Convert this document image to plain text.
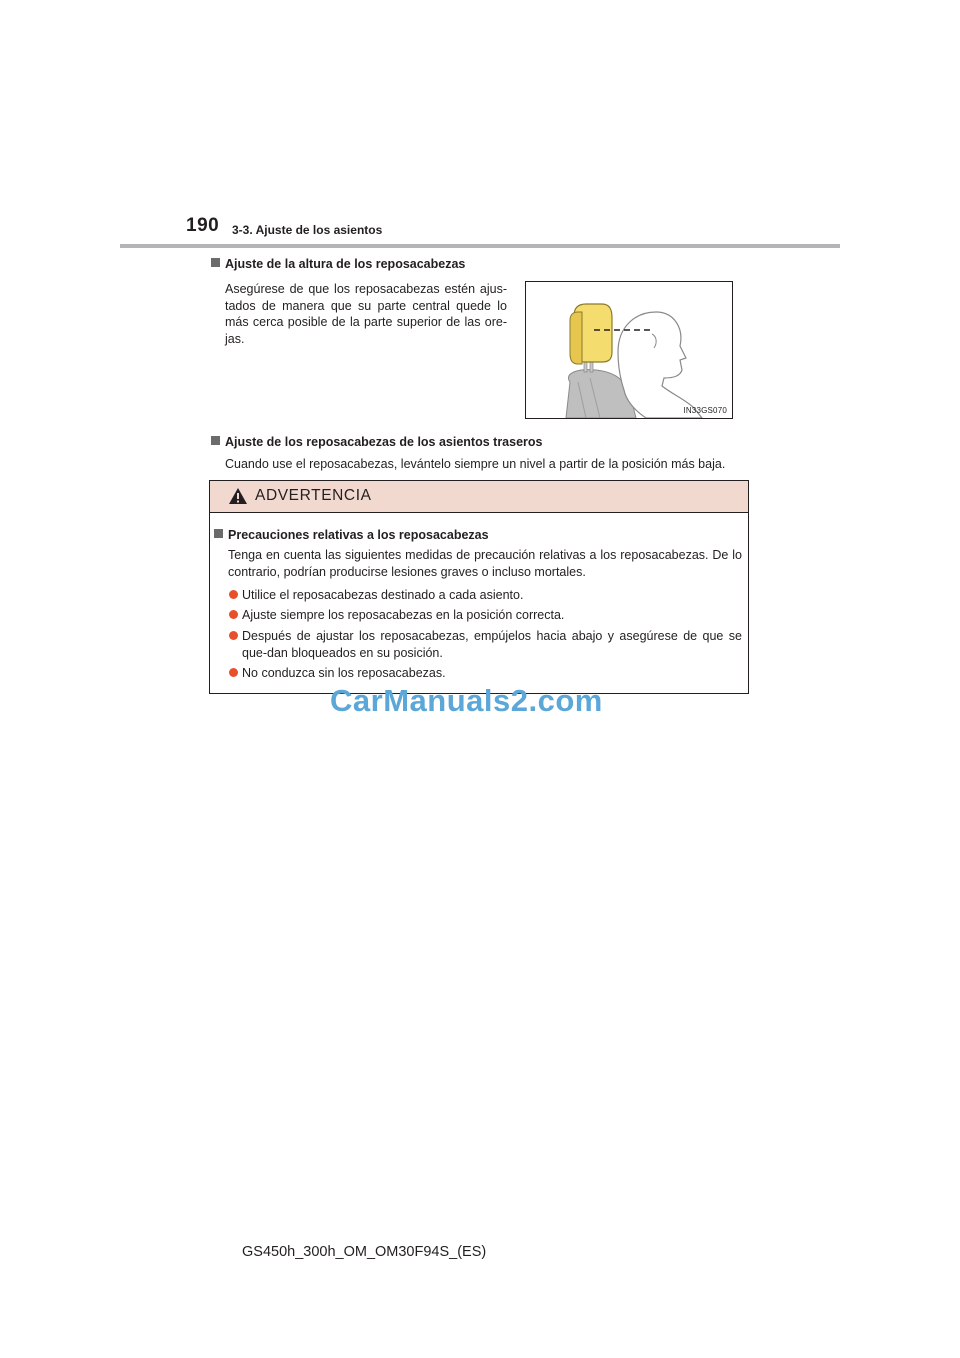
190 3-3. Ajuste de los asientos
Ajuste de la altura de los reposacabezas
Asegúrese de que los reposacabezas estén ajus-tados de manera que su parte central quede lo más cerca posible de la parte superior de las ore-jas.
IN33GS070
Ajuste de los reposacabezas de los asientos traseros
Cuando use el reposacabezas, levántelo siempre un nivel a partir de la posición más baja.
ADVERTENCIA
Precauciones relativas a los reposacabezas
Tenga en cuenta las siguientes medidas de precaución relativas a los reposacabezas. De lo contrario, podrían producirse lesiones graves o incluso mortales.
Utilice el reposacabezas destinado a cada asiento.
Ajuste siempre los reposacabezas en la posición correcta.
Después de ajustar los reposacabezas, empújelos hacia abajo y asegúrese de que se que-dan bloqueados en su posición.
No conduzca sin los reposacabezas.
CarManuals2.com
GS450h_300h_OM_OM30F94S_(ES)
